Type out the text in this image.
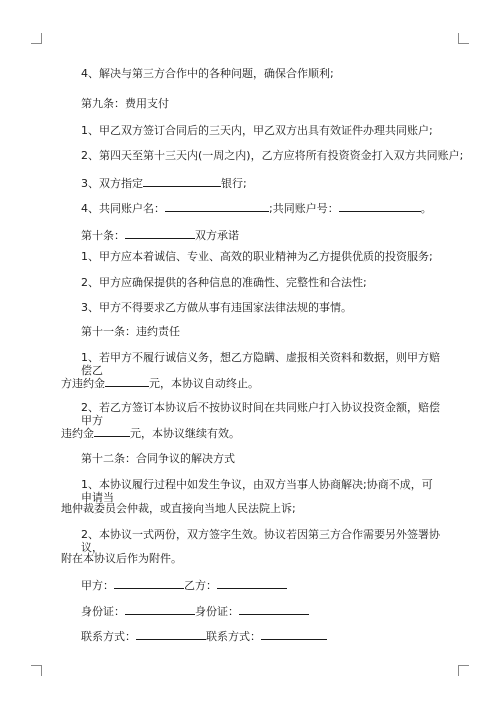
4、解决与第三方合作中的各种问题，确保合作顺利;
第九条：费用支付
1、甲乙双方签订合同后的三天内，甲乙双方出具有效证件办理共同账户;
2、第四天至第十三天内(一周之内)，乙方应将所有投资资金打入双方共同账户;
3、双方指定	银行;
4、共同账户名：	;共同账户号：	。
第十条：	双方承诺
1、甲方应本着诚信、专业、高效的职业精神为乙方提供优质的投资服务;
2、甲方应确保提供的各种信息的准确性、完整性和合法性;
3、甲方不得要求乙方做从事有违国家法律法规的事情。
第十一条：违约责任
1、若甲方不履行诚信义务，想乙方隐瞒、虚报相关资料和数据，则甲方赔偿乙
方违约金	元，本协议自动终止。
2、若乙方签订本协议后不按协议时间在共同账户打入协议投资金额，赔偿甲方
违约金	元，本协议继续有效。
第十二条：合同争议的解决方式
1、本协议履行过程中如发生争议，由双方当事人协商解决;协商不成，可申请当
地仲裁委员会仲裁，或直接向当地人民法院上诉;
2、本协议一式两份，双方签字生效。协议若因第三方合作需要另外签署协议，
附在本协议后作为附件。
甲方：	乙方：
身份证：	身份证：
联系方式：	联系方式：
